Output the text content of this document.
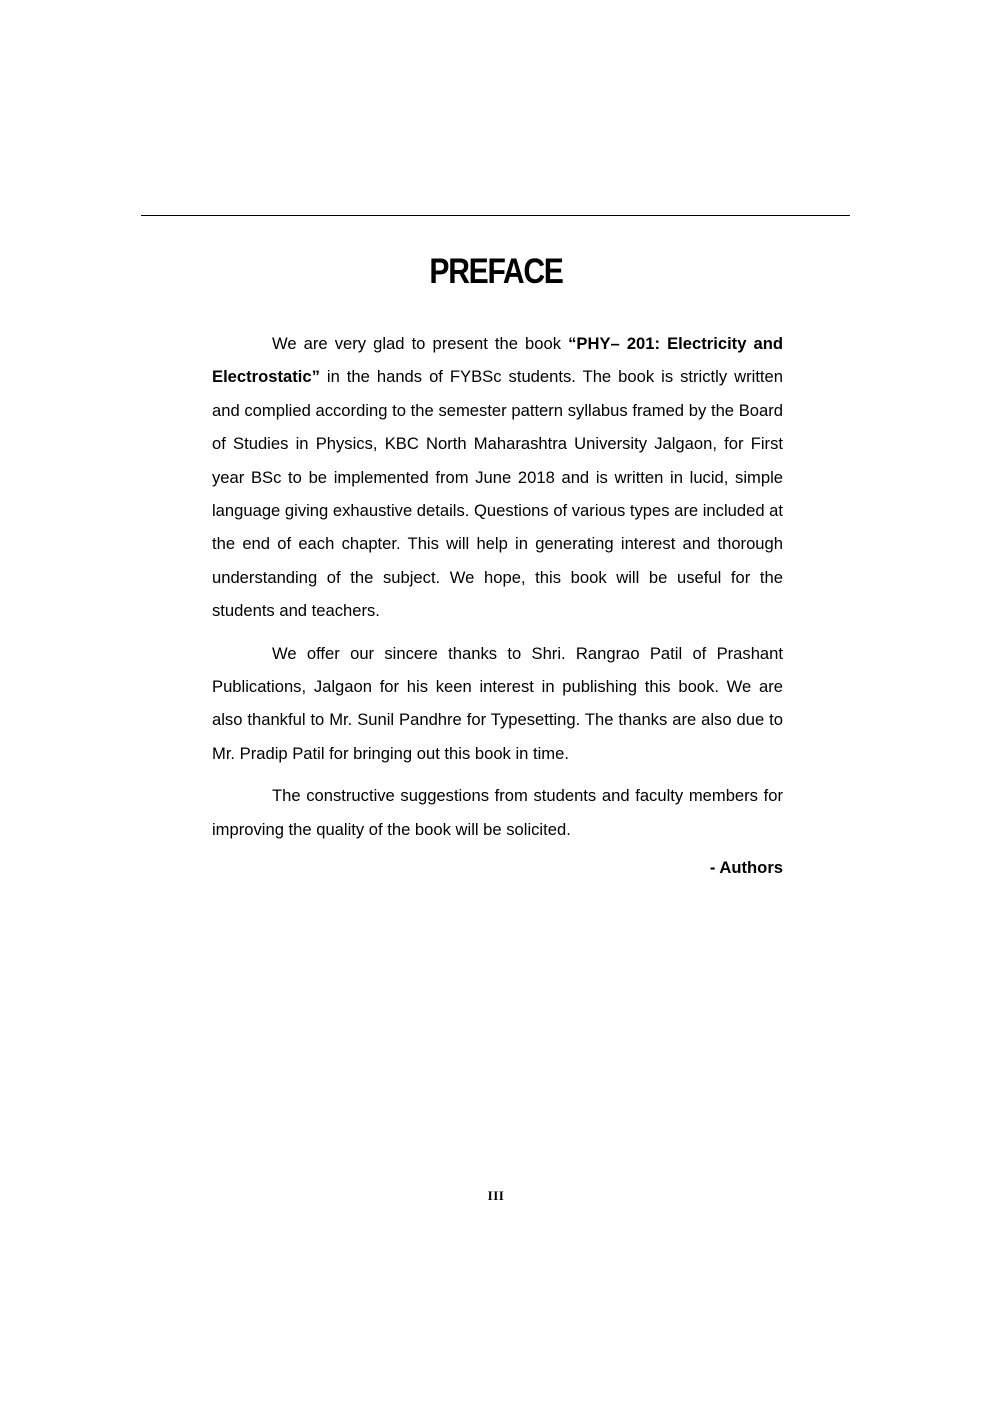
PREFACE

We are very glad to present the book “PHY– 201: Electricity and Electrostatic” in the hands of FYBSc students. The book is strictly written and complied according to the semester pattern syllabus framed by the Board of Studies in Physics, KBC North Maharashtra University Jalgaon, for First year BSc to be implemented from June 2018 and is written in lucid, simple language giving exhaustive details. Questions of various types are included at the end of each chapter. This will help in generating interest and thorough understanding of the subject. We hope, this book will be useful for the students and teachers.

We offer our sincere thanks to Shri. Rangrao Patil of Prashant Publications, Jalgaon for his keen interest in publishing this book. We are also thankful to Mr. Sunil Pandhre for Typesetting. The thanks are also due to Mr. Pradip Patil for bringing out this book in time.

The constructive suggestions from students and faculty members for improving the quality of the book will be solicited.

- Authors

III
